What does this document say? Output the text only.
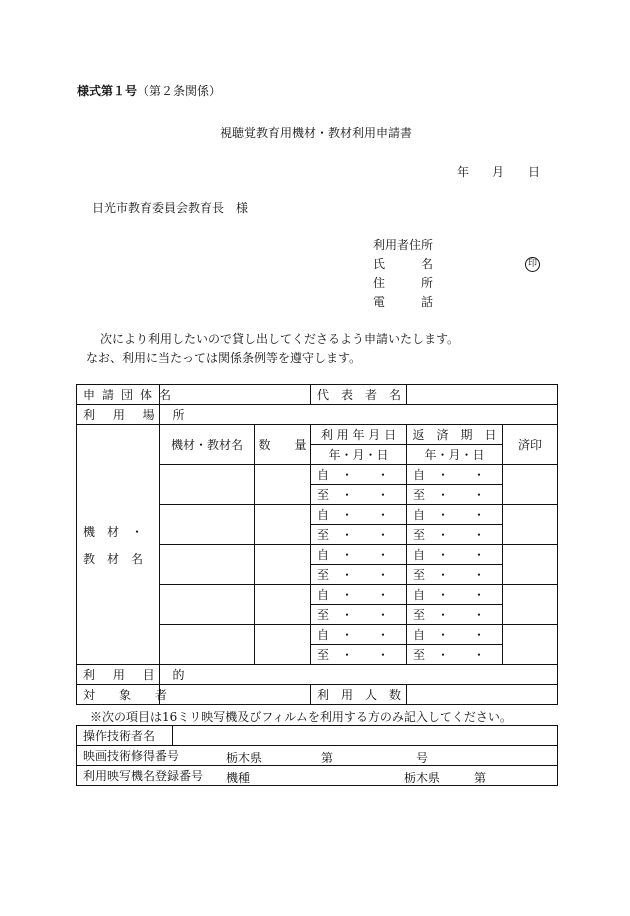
様式第１号（第２条関係）
視聴覚教育用機材・教材利用申請書
年 月 日
日光市教育委員会教育長　様
利用者住所
氏　　　名	印
住　　　所
電　　　話
次により利用したいので貸し出してくださるよう申請いたします。
なお、利用に当たっては関係条例等を遵守します。
申請団体名			代　表　者　名		
利 用 場 所					

機　材　・
教　材　名	機材・教材名	数　　量	利 用 年 月 日	返　済　期　日	済印
			年・月・日	年・月・日	
			自　・　　・	自　・　　・	
			至　・　　・	至　・　　・	
			自　・　　・	自　・　　・	
			至　・　　・	至　・　　・	
			自　・　　・	自　・　　・	
			至　・　　・	至　・　　・	
			自　・　　・	自　・　　・	
			至　・　　・	至　・　　・	
			自　・　　・	自　・　　・	
			至　・　　・	至　・　　・	
利 用 目 的					
対　　象　　者			利　用　人　数		
※次の項目は16ミリ映写機及びフィルムを利用する方のみ記入してください。
操作技術者名	
映画技術修得番号	栃木県	第	号

利用映写機名登録番号 機種	栃木県	第
